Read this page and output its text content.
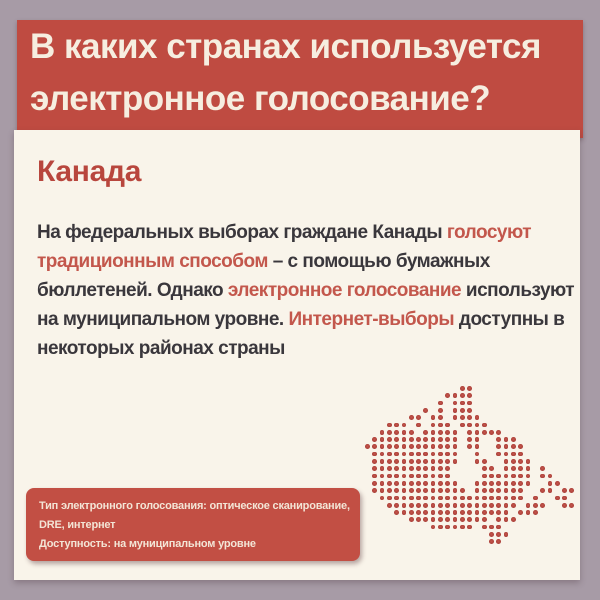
В каких странах используется
электронное голосование?
Канада
На федеральных выборах граждане Канады голосуют
традиционным способом – с помощью бумажных
бюллетеней. Однако электронное голосование используют
на муниципальном уровне. Интернет-выборы доступны в
некоторых районах страны
Тип электронного голосования: оптическое сканирование,
DRE, интернет
Доступность: на муниципальном уровне
